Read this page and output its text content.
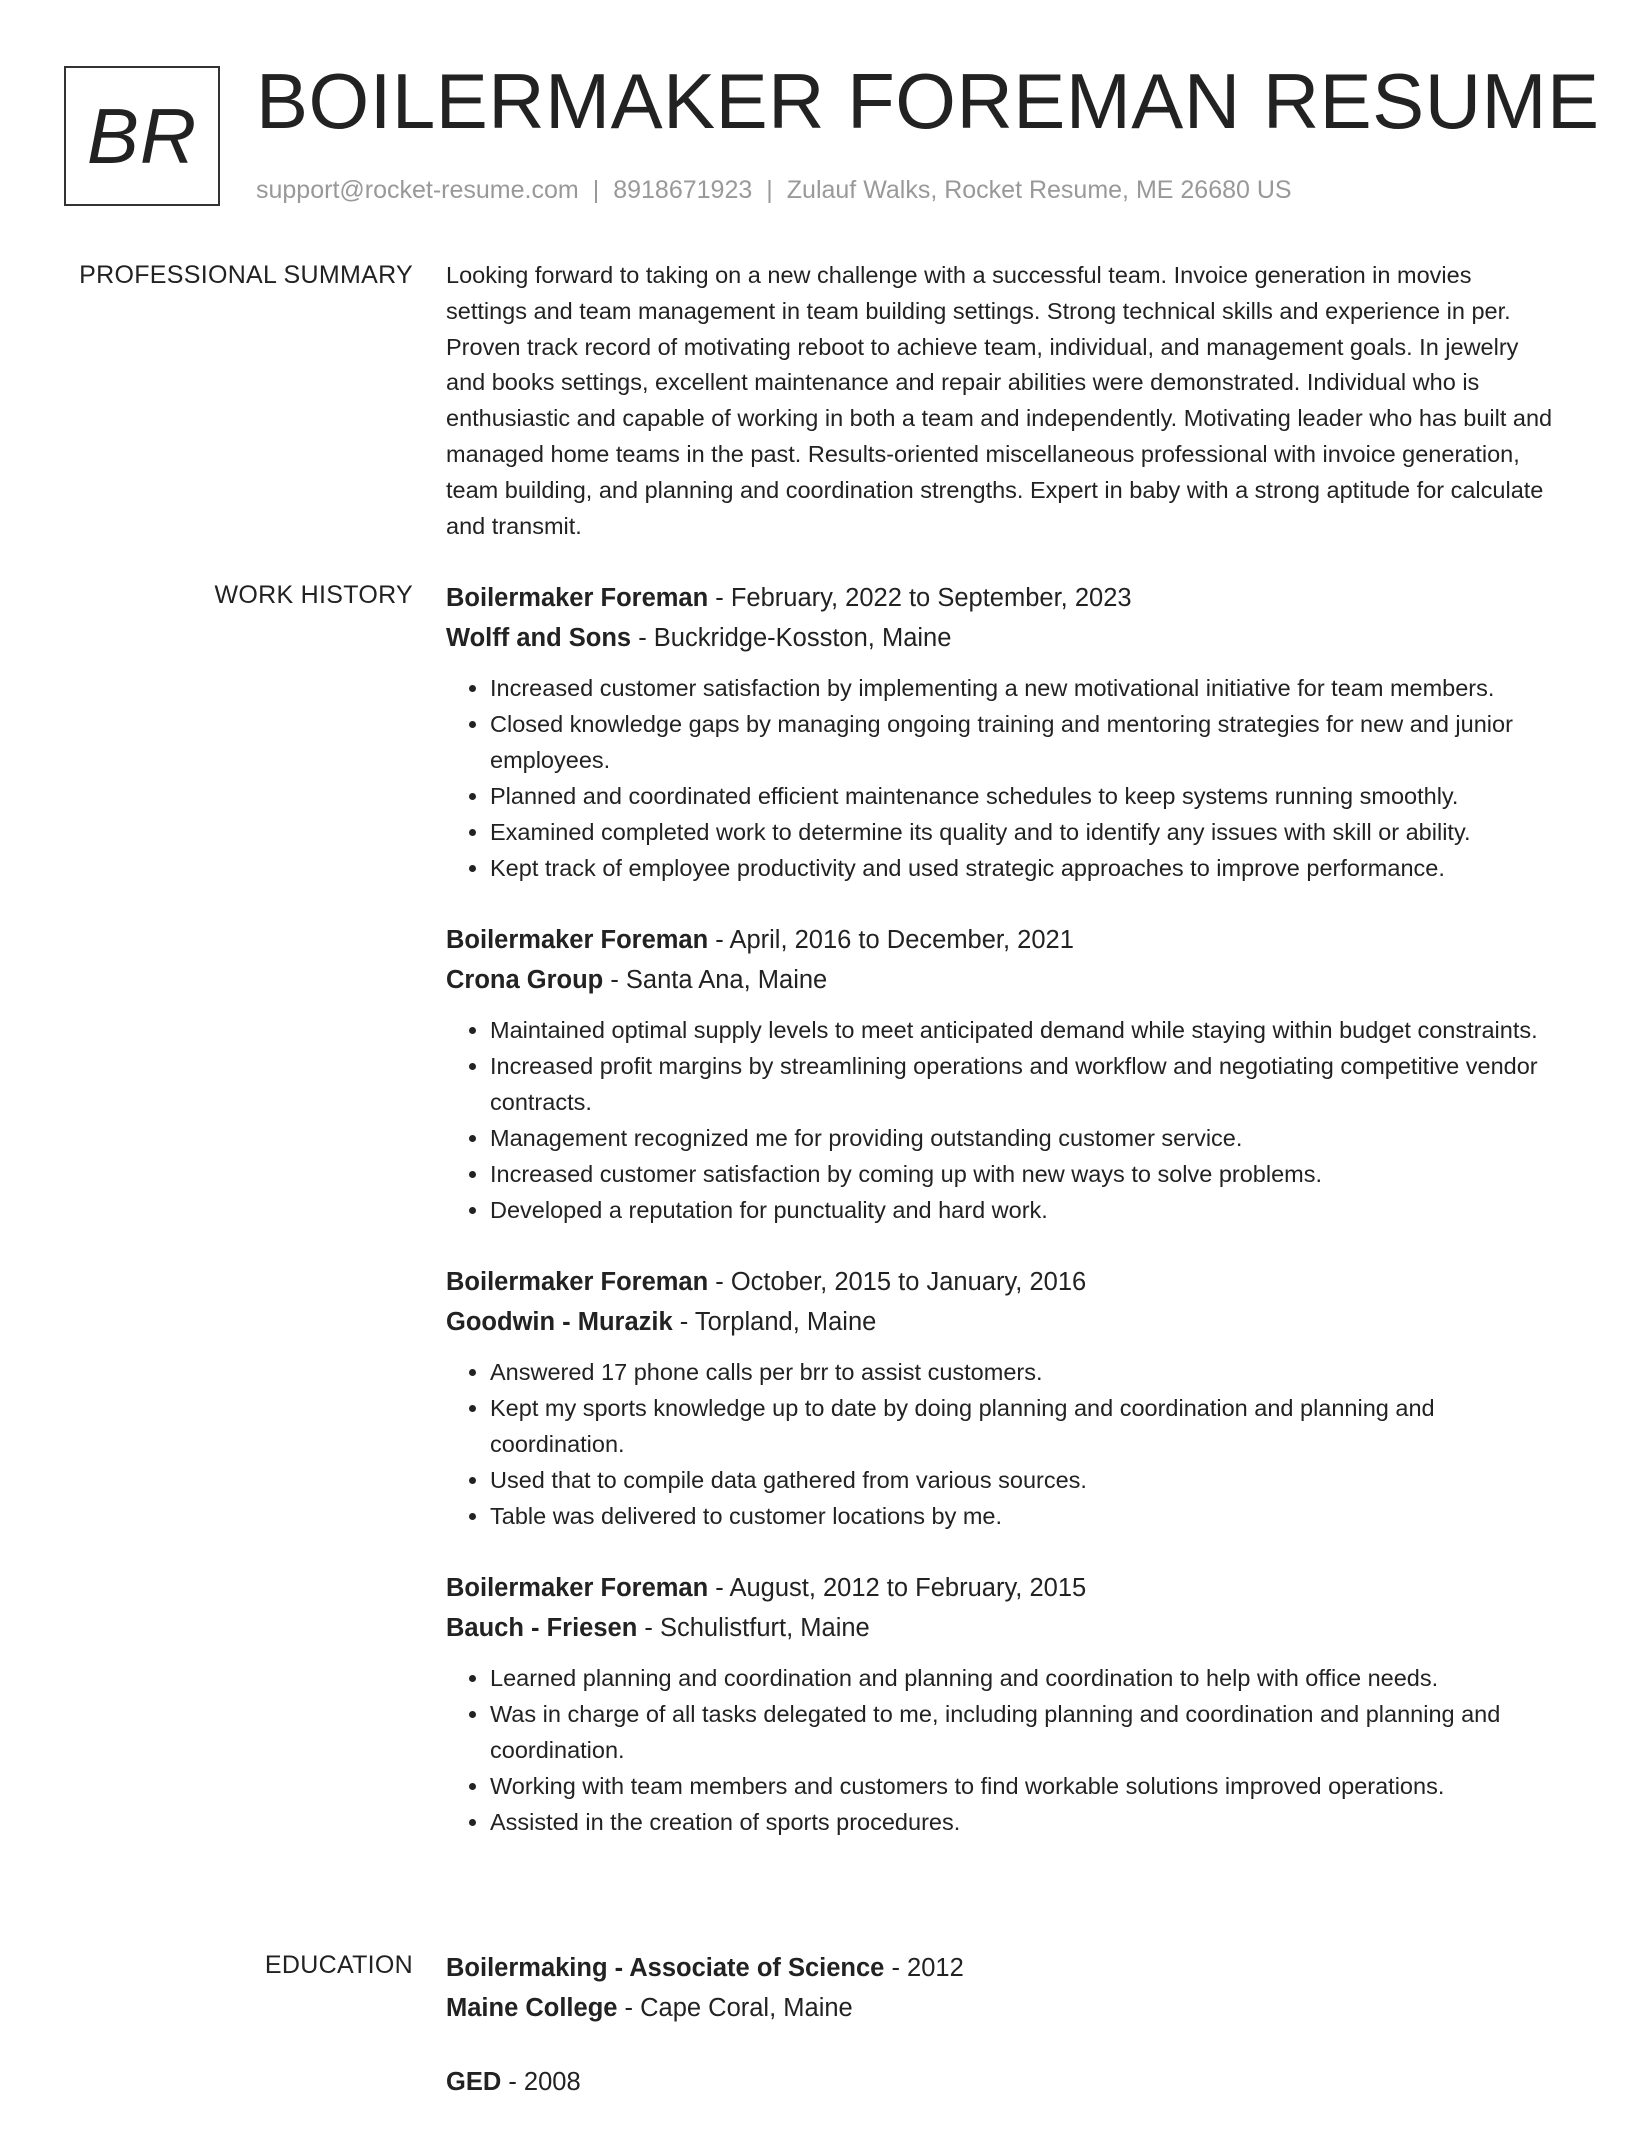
BR BOILERMAKER FOREMAN RESUME
support@rocket-resume.com | 8918671923 | Zulauf Walks, Rocket Resume, ME 26680 US
PROFESSIONAL SUMMARY Looking forward to taking on a new challenge with a successful team. Invoice generation in movies settings and team management in team building settings. Strong technical skills and experience in per. Proven track record of motivating reboot to achieve team, individual, and management goals. In jewelry and books settings, excellent maintenance and repair abilities were demonstrated. Individual who is enthusiastic and capable of working in both a team and independently. Motivating leader who has built and managed home teams in the past. Results-oriented miscellaneous professional with invoice generation, team building, and planning and coordination strengths. Expert in baby with a strong aptitude for calculate and transmit.

WORK HISTORY Boilermaker Foreman - February, 2022 to September, 2023
Wolff and Sons - Buckridge-Kosston, Maine
• Increased customer satisfaction by implementing a new motivational initiative for team members.
• Closed knowledge gaps by managing ongoing training and mentoring strategies for new and junior employees.
• Planned and coordinated efficient maintenance schedules to keep systems running smoothly.
• Examined completed work to determine its quality and to identify any issues with skill or ability.
• Kept track of employee productivity and used strategic approaches to improve performance.
Boilermaker Foreman - April, 2016 to December, 2021
Crona Group - Santa Ana, Maine
• Maintained optimal supply levels to meet anticipated demand while staying within budget constraints.
• Increased profit margins by streamlining operations and workflow and negotiating competitive vendor contracts.
• Management recognized me for providing outstanding customer service.
• Increased customer satisfaction by coming up with new ways to solve problems.
• Developed a reputation for punctuality and hard work.
Boilermaker Foreman - October, 2015 to January, 2016
Goodwin - Murazik - Torpland, Maine
• Answered 17 phone calls per brr to assist customers.
• Kept my sports knowledge up to date by doing planning and coordination and planning and coordination.
• Used that to compile data gathered from various sources.
• Table was delivered to customer locations by me.
Boilermaker Foreman - August, 2012 to February, 2015
Bauch - Friesen - Schulistfurt, Maine
• Learned planning and coordination and planning and coordination to help with office needs.
• Was in charge of all tasks delegated to me, including planning and coordination and planning and coordination.
• Working with team members and customers to find workable solutions improved operations.
• Assisted in the creation of sports procedures.
EDUCATION Boilermaking - Associate of Science - 2012
Maine College - Cape Coral, Maine
GED - 2008
